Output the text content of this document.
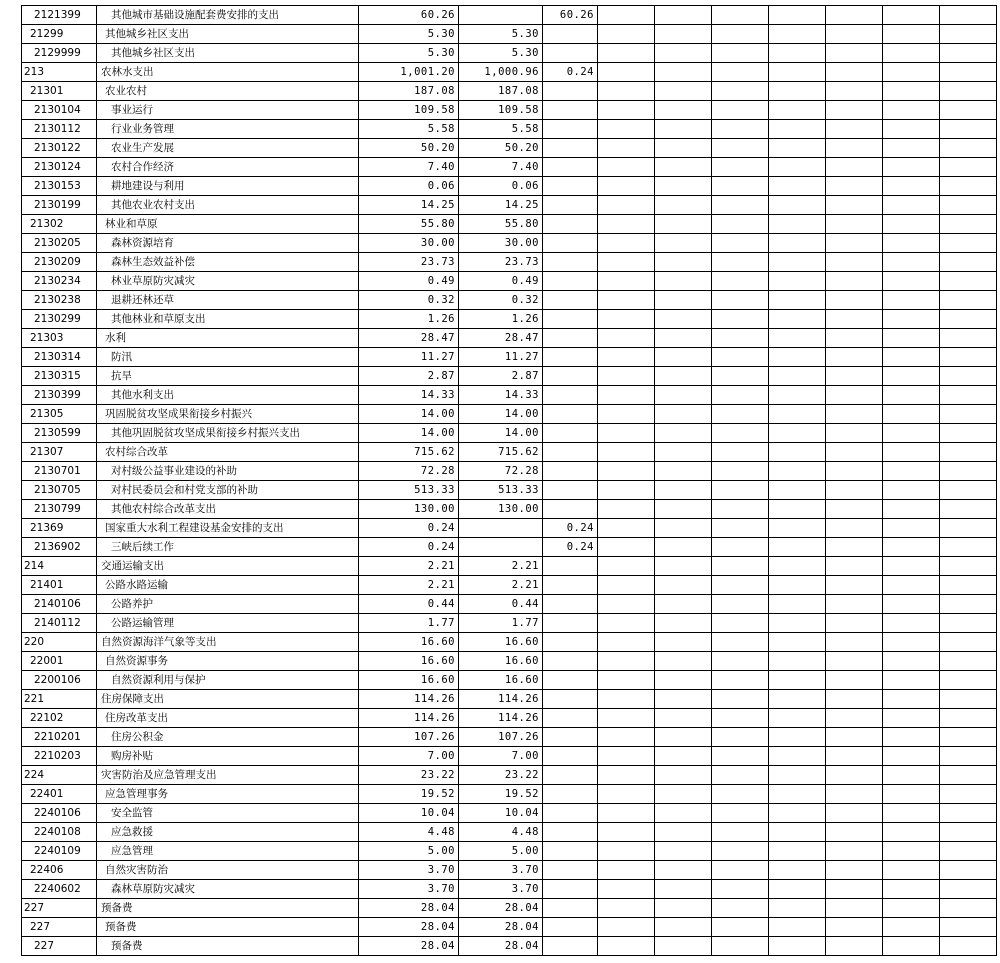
2121399	其他城市基础设施配套费安排的支出	60.26		60.26							
21299	其他城乡社区支出	5.30	5.30								
2129999	其他城乡社区支出	5.30	5.30								
213	农林水支出	1,001.20	1,000.96	0.24							
21301	农业农村	187.08	187.08								
2130104	事业运行	109.58	109.58								
2130112	行业业务管理	5.58	5.58								
2130122	农业生产发展	50.20	50.20								
2130124	农村合作经济	7.40	7.40								
2130153	耕地建设与利用	0.06	0.06								
2130199	其他农业农村支出	14.25	14.25								
21302	林业和草原	55.80	55.80								
2130205	森林资源培育	30.00	30.00								
2130209	森林生态效益补偿	23.73	23.73								
2130234	林业草原防灾减灾	0.49	0.49								
2130238	退耕还林还草	0.32	0.32								
2130299	其他林业和草原支出	1.26	1.26								
21303	水利	28.47	28.47								
2130314	防汛	11.27	11.27								
2130315	抗旱	2.87	2.87								
2130399	其他水利支出	14.33	14.33								
21305	巩固脱贫攻坚成果衔接乡村振兴	14.00	14.00								
2130599	其他巩固脱贫攻坚成果衔接乡村振兴支出	14.00	14.00								
21307	农村综合改革	715.62	715.62								
2130701	对村级公益事业建设的补助	72.28	72.28								
2130705	对村民委员会和村党支部的补助	513.33	513.33								
2130799	其他农村综合改革支出	130.00	130.00								
21369	国家重大水利工程建设基金安排的支出	0.24		0.24							
2136902	三峡后续工作	0.24		0.24							
214	交通运输支出	2.21	2.21								
21401	公路水路运输	2.21	2.21								
2140106	公路养护	0.44	0.44								
2140112	公路运输管理	1.77	1.77								
220	自然资源海洋气象等支出	16.60	16.60								
22001	自然资源事务	16.60	16.60								
2200106	自然资源利用与保护	16.60	16.60								
221	住房保障支出	114.26	114.26								
22102	住房改革支出	114.26	114.26								
2210201	住房公积金	107.26	107.26								
2210203	购房补贴	7.00	7.00								
224	灾害防治及应急管理支出	23.22	23.22								
22401	应急管理事务	19.52	19.52								
2240106	安全监管	10.04	10.04								
2240108	应急救援	4.48	4.48								
2240109	应急管理	5.00	5.00								
22406	自然灾害防治	3.70	3.70								
2240602	森林草原防灾减灾	3.70	3.70								
227	预备费	28.04	28.04								
227	预备费	28.04	28.04								
227	预备费	28.04	28.04								
